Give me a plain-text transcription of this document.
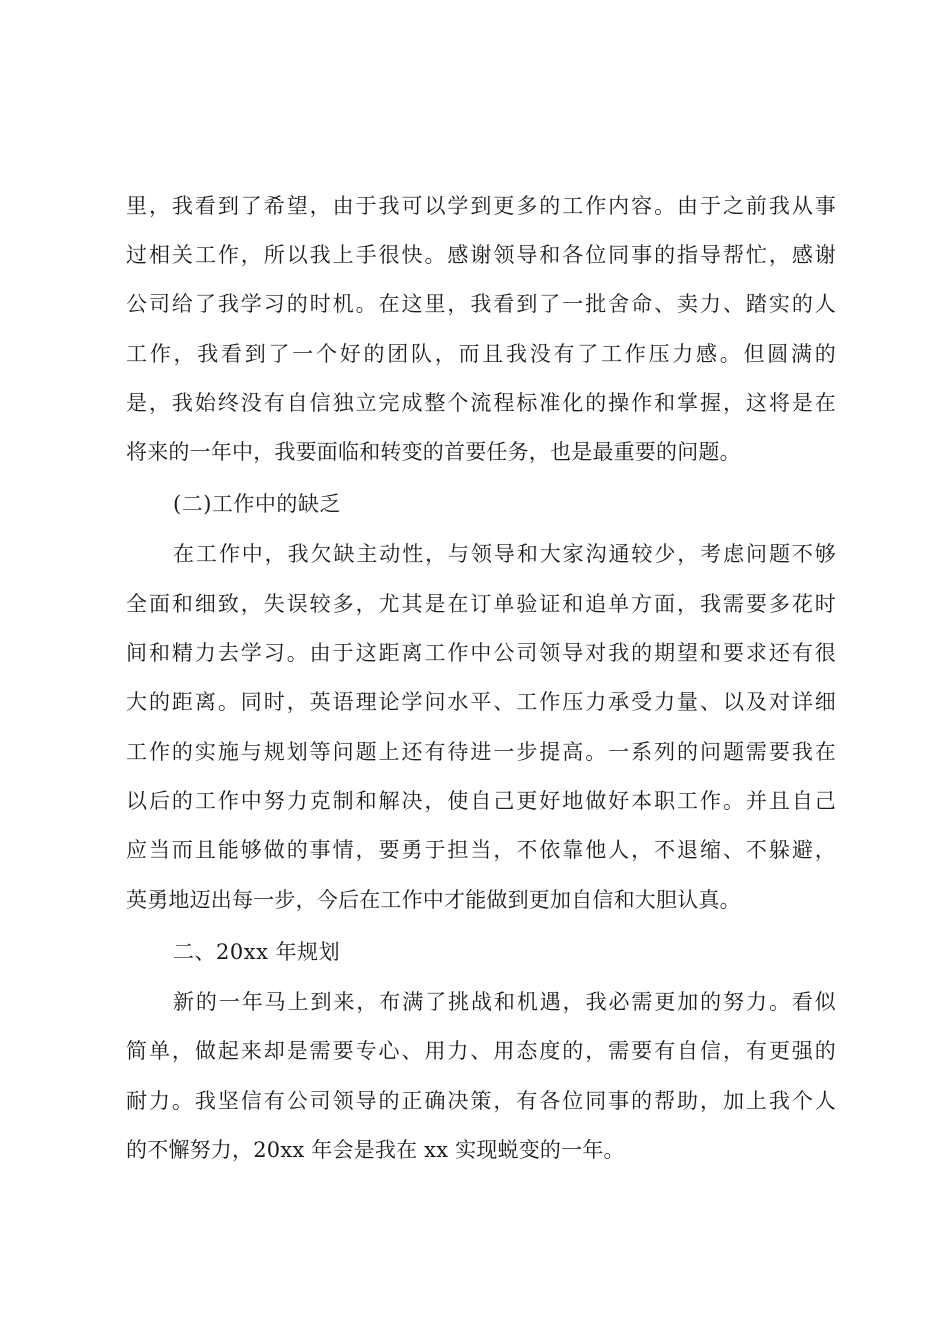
里，我看到了希望，由于我可以学到更多的工作内容。由于之前我从事
过相关工作，所以我上手很快。感谢领导和各位同事的指导帮忙，感谢
公司给了我学习的时机。在这里，我看到了一批舍命、卖力、踏实的人
工作，我看到了一个好的团队，而且我没有了工作压力感。但圆满的
是，我始终没有自信独立完成整个流程标准化的操作和掌握，这将是在
将来的一年中，我要面临和转变的首要任务，也是最重要的问题。
(二)工作中的缺乏
在工作中，我欠缺主动性，与领导和大家沟通较少，考虑问题不够
全面和细致，失误较多，尤其是在订单验证和追单方面，我需要多花时
间和精力去学习。由于这距离工作中公司领导对我的期望和要求还有很
大的距离。同时，英语理论学问水平、工作压力承受力量、以及对详细
工作的实施与规划等问题上还有待进一步提高。一系列的问题需要我在
以后的工作中努力克制和解决，使自己更好地做好本职工作。并且自己
应当而且能够做的事情，要勇于担当，不依靠他人，不退缩、不躲避，
英勇地迈出每一步，今后在工作中才能做到更加自信和大胆认真。
二、20xx 年规划
新的一年马上到来，布满了挑战和机遇，我必需更加的努力。看似
简单，做起来却是需要专心、用力、用态度的，需要有自信，有更强的
耐力。我坚信有公司领导的正确决策，有各位同事的帮助，加上我个人
的不懈努力，20xx 年会是我在 xx 实现蜕变的一年。
